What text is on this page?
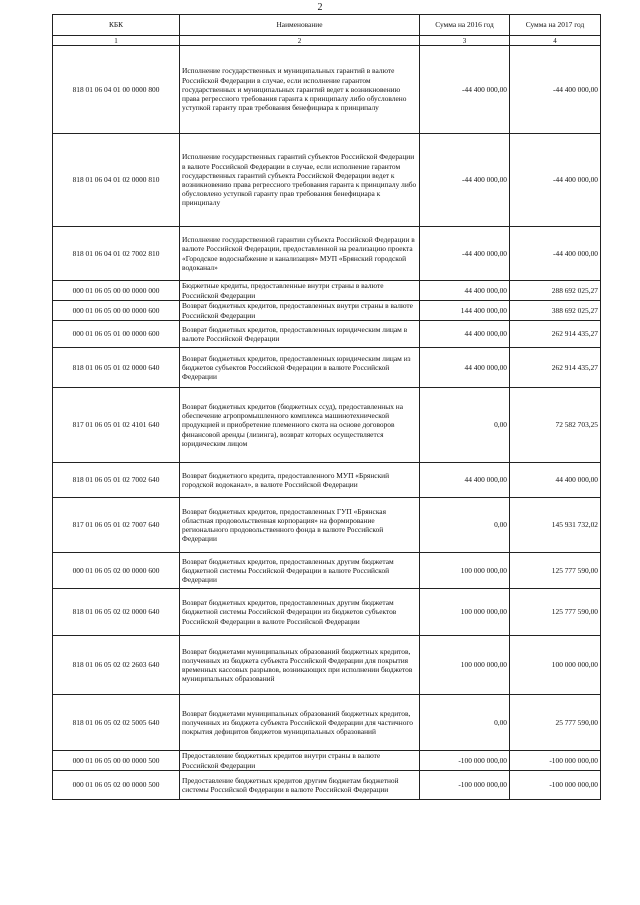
2
КБК	Наименование	Сумма на 2016 год	Сумма на 2017 год
1	2	3	4
818 01 06 04 01 00 0000 800	Исполнение государственных и муниципальных гарантий в валюте Российской Федерации в случае, если исполнение гарантом государственных и муниципальных гарантий ведет к возникновению права регрессного требования гаранта к принципалу либо обусловлено уступкой гаранту прав требования бенефициара к принципалу	-44 400 000,00	-44 400 000,00
818 01 06 04 01 02 0000 810	Исполнение государственных гарантий субъектов Российской Федерации в валюте Российской Федерации в случае, если исполнение гарантом государственных гарантий субъекта Российской Федерации ведет к возникновению права регрессного требования гаранта к принципалу либо обусловлено уступкой гаранту прав требования бенефициара к принципалу	-44 400 000,00	-44 400 000,00
818 01 06 04 01 02 7002 810	Исполнение государственной гарантии субъекта Российской Федерации в валюте Российской Федерации, предоставленной на реализацию проекта «Городское водоснабжение и канализация» МУП «Брянский городской водоканал»	-44 400 000,00	-44 400 000,00
000 01 06 05 00 00 0000 000	Бюджетные кредиты, предоставленные внутри страны в валюте Российской Федерации	44 400 000,00	288 692 025,27
000 01 06 05 00 00 0000 600	Возврат бюджетных кредитов, предоставленных внутри страны в валюте Российской Федерации	144 400 000,00	388 692 025,27
000 01 06 05 01 00 0000 600	Возврат бюджетных кредитов, предоставленных юридическим лицам в валюте Российской Федерации	44 400 000,00	262 914 435,27
818 01 06 05 01 02 0000 640	Возврат бюджетных кредитов, предоставленных юридическим лицам из бюджетов субъектов Российской Федерации в валюте Российской Федерации	44 400 000,00	262 914 435,27
817 01 06 05 01 02 4101 640	Возврат бюджетных кредитов (бюджетных ссуд), предоставленных на обеспечение агропромышленного комплекса машинотехнической продукцией и приобретение племенного скота на основе договоров финансовой аренды (лизинга), возврат которых осуществляется юридическим лицом	0,00	72 582 703,25
818 01 06 05 01 02 7002 640	Возврат бюджетного кредита, предоставленного МУП «Брянский городской водоканал», в валюте Российской Федерации	44 400 000,00	44 400 000,00
817 01 06 05 01 02 7007 640	Возврат бюджетных кредитов, предоставленных ГУП «Брянская областная продовольственная корпорация» на формирование регионального продовольственного фонда в валюте Российской Федерации	0,00	145 931 732,02
000 01 06 05 02 00 0000 600	Возврат бюджетных кредитов, предоставленных другим бюджетам бюджетной системы Российской Федерации в валюте Российской Федерации	100 000 000,00	125 777 590,00
818 01 06 05 02 02 0000 640	Возврат бюджетных кредитов, предоставленных другим бюджетам бюджетной системы Российской Федерации из бюджетов субъектов Российской Федерации в валюте Российской Федерации	100 000 000,00	125 777 590,00
818 01 06 05 02 02 2603 640	Возврат бюджетами муниципальных образований бюджетных кредитов, полученных из бюджета субъекта Российской Федерации для покрытия временных кассовых разрывов, возникающих при исполнении бюджетов муниципальных образований	100 000 000,00	100 000 000,00
818 01 06 05 02 02 5005 640	Возврат бюджетами муниципальных образований бюджетных кредитов, полученных из бюджета субъекта Российской Федерации для частичного покрытия дефицитов бюджетов муниципальных образований	0,00	25 777 590,00
000 01 06 05 00 00 0000 500	Предоставление бюджетных кредитов внутри страны в валюте Российской Федерации	-100 000 000,00	-100 000 000,00
000 01 06 05 02 00 0000 500	Предоставление бюджетных кредитов другим бюджетам бюджетной системы Российской Федерации в валюте Российской Федерации	-100 000 000,00	-100 000 000,00
